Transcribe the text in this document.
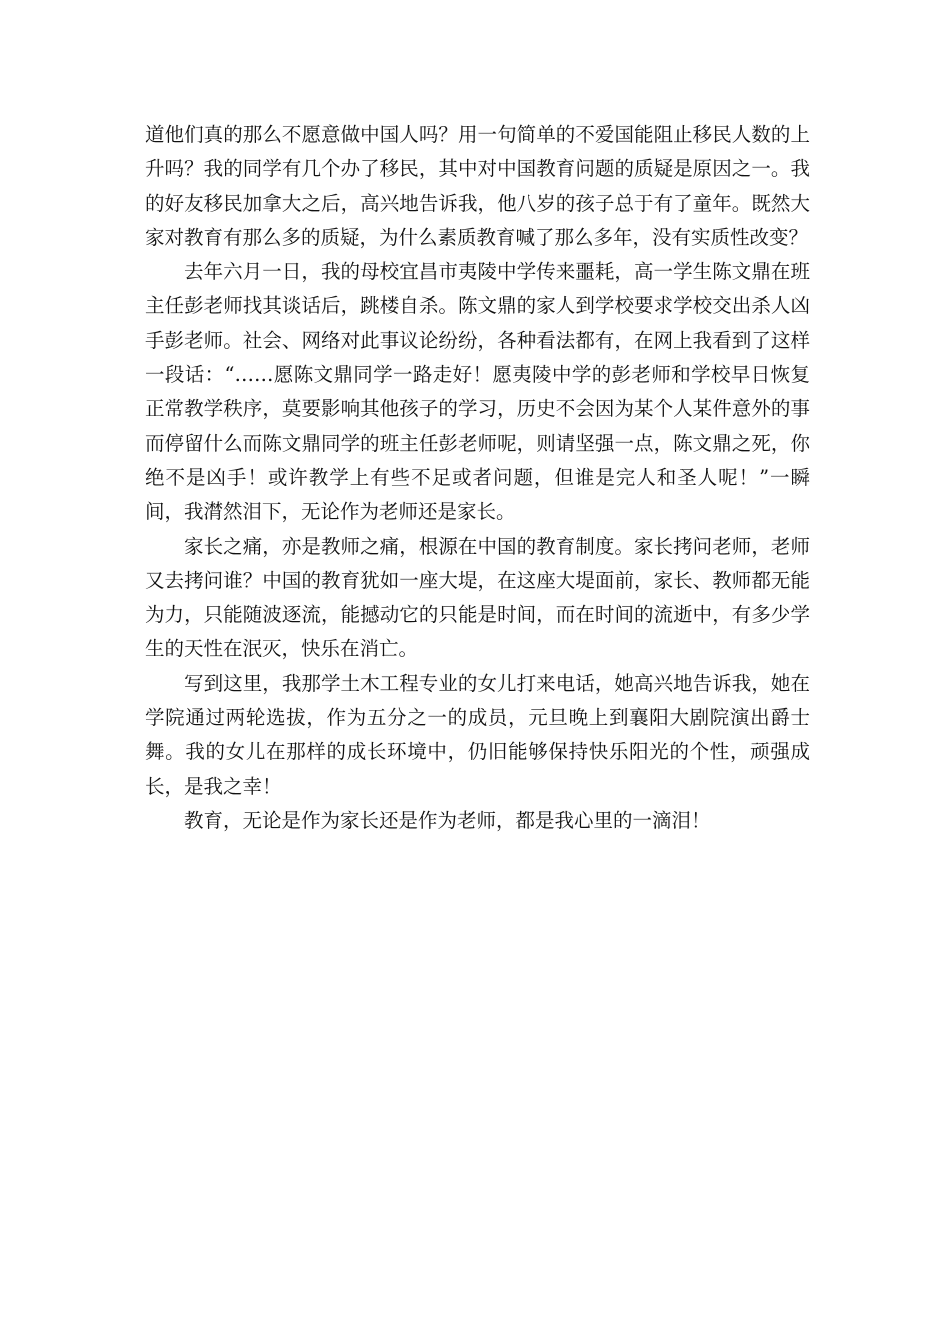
道他们真的那么不愿意做中国人吗？用一句简单的不爱国能阻止移民人数的上升吗？我的同学有几个办了移民，其中对中国教育问题的质疑是原因之一。我的好友移民加拿大之后，高兴地告诉我，他八岁的孩子总于有了童年。既然大家对教育有那么多的质疑，为什么素质教育喊了那么多年，没有实质性改变？

去年六月一日，我的母校宜昌市夷陵中学传来噩耗，高一学生陈文鼎在班主任彭老师找其谈话后，跳楼自杀。陈文鼎的家人到学校要求学校交出杀人凶手彭老师。社会、网络对此事议论纷纷，各种看法都有，在网上我看到了这样一段话：“……愿陈文鼎同学一路走好！愿夷陵中学的彭老师和学校早日恢复正常教学秩序，莫要影响其他孩子的学习，历史不会因为某个人某件意外的事而停留什么而陈文鼎同学的班主任彭老师呢，则请坚强一点，陈文鼎之死，你绝不是凶手！或许教学上有些不足或者问题，但谁是完人和圣人呢！”一瞬间，我潸然泪下，无论作为老师还是家长。

家长之痛，亦是教师之痛，根源在中国的教育制度。家长拷问老师，老师又去拷问谁？中国的教育犹如一座大堤，在这座大堤面前，家长、教师都无能为力，只能随波逐流，能撼动它的只能是时间，而在时间的流逝中，有多少学生的天性在泯灭，快乐在消亡。

写到这里，我那学土木工程专业的女儿打来电话，她高兴地告诉我，她在学院通过两轮选拔，作为五分之一的成员，元旦晚上到襄阳大剧院演出爵士舞。我的女儿在那样的成长环境中，仍旧能够保持快乐阳光的个性，顽强成长，是我之幸！

教育，无论是作为家长还是作为老师，都是我心里的一滴泪！
